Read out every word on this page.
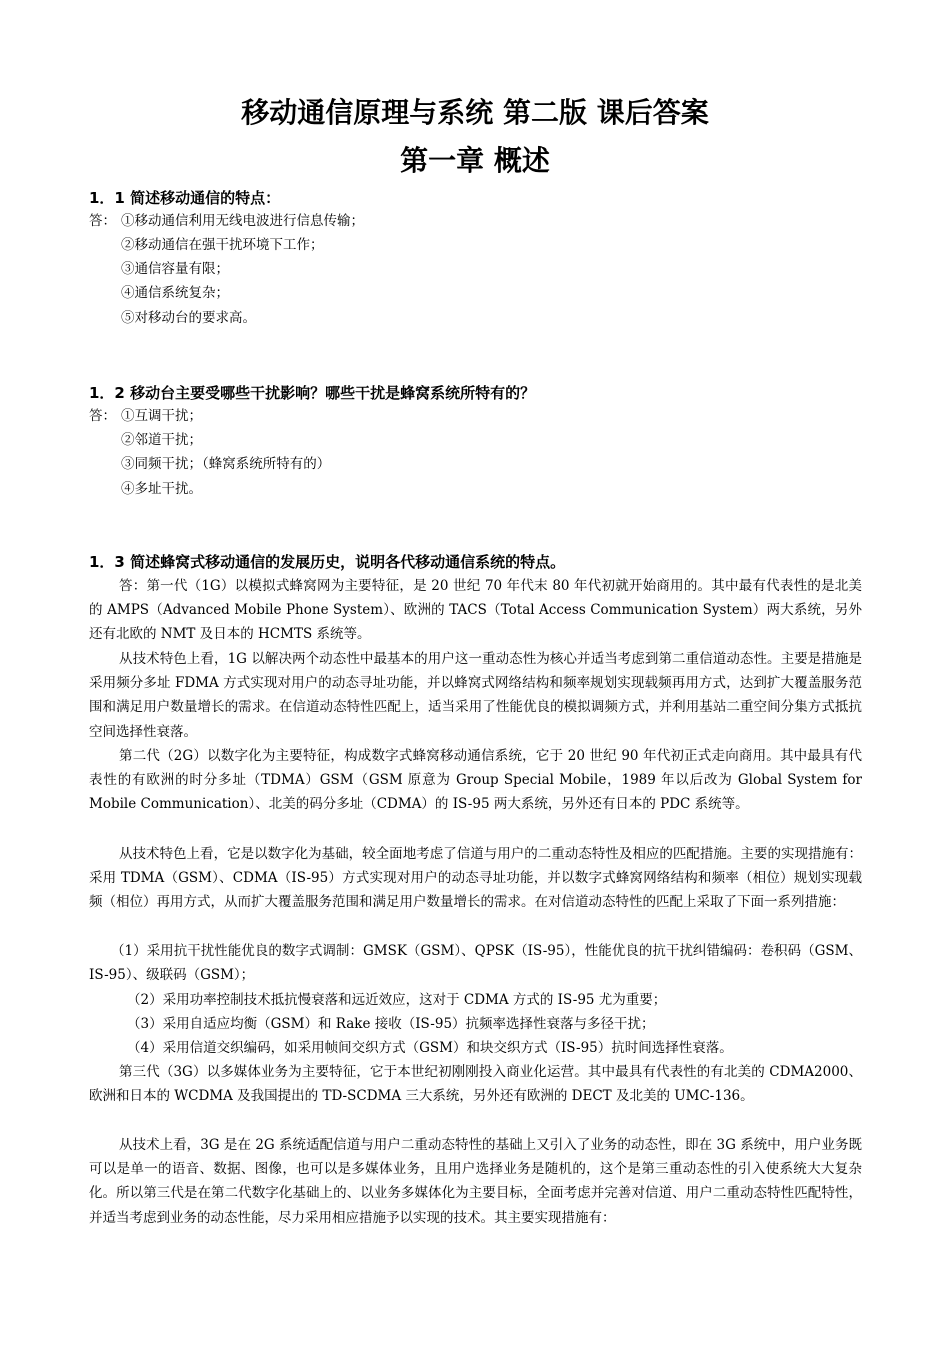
移动通信原理与系统 第二版 课后答案
第一章 概述
1．1 简述移动通信的特点：
答： ①移动通信利用无线电波进行信息传输；
②移动通信在强干扰环境下工作；
③通信容量有限；
④通信系统复杂；
⑤对移动台的要求高。
1．2 移动台主要受哪些干扰影响？哪些干扰是蜂窝系统所特有的？
答： ①互调干扰；
②邻道干扰；
③同频干扰；（蜂窝系统所特有的）
④多址干扰。
1．3 简述蜂窝式移动通信的发展历史，说明各代移动通信系统的特点。

答：第一代（1G）以模拟式蜂窝网为主要特征，是 20 世纪 70 年代末 80 年代初就开始商用的。其中最有代表性的是北美的 AMPS（Advanced Mobile Phone System）、欧洲的 TACS（Total Access Communication System）两大系统，另外还有北欧的 NMT 及日本的 HCMTS 系统等。

从技术特色上看，1G 以解决两个动态性中最基本的用户这一重动态性为核心并适当考虑到第二重信道动态性。主要是措施是采用频分多址 FDMA 方式实现对用户的动态寻址功能，并以蜂窝式网络结构和频率规划实现载频再用方式，达到扩大覆盖服务范围和满足用户数量增长的需求。在信道动态特性匹配上，适当采用了性能优良的模拟调频方式，并利用基站二重空间分集方式抵抗空间选择性衰落。

第二代（2G）以数字化为主要特征，构成数字式蜂窝移动通信系统，它于 20 世纪 90 年代初正式走向商用。其中最具有代表性的有欧洲的时分多址（TDMA）GSM（GSM 原意为 Group Special Mobile，1989 年以后改为 Global System for Mobile Communication）、北美的码分多址（CDMA）的 IS-95 两大系统，另外还有日本的 PDC 系统等。

从技术特色上看，它是以数字化为基础，较全面地考虑了信道与用户的二重动态特性及相应的匹配措施。主要的实现措施有：采用 TDMA（GSM）、CDMA（IS-95）方式实现对用户的动态寻址功能，并以数字式蜂窝网络结构和频率（相位）规划实现载频（相位）再用方式，从而扩大覆盖服务范围和满足用户数量增长的需求。在对信道动态特性的匹配上采取了下面一系列措施：

（1）采用抗干扰性能优良的数字式调制：GMSK（GSM）、QPSK（IS-95），性能优良的抗干扰纠错编码：卷积码（GSM、IS-95）、级联码（GSM）；

（2）采用功率控制技术抵抗慢衰落和远近效应，这对于 CDMA 方式的 IS-95 尤为重要；

（3）采用自适应均衡（GSM）和 Rake 接收（IS-95）抗频率选择性衰落与多径干扰；

（4）采用信道交织编码，如采用帧间交织方式（GSM）和块交织方式（IS-95）抗时间选择性衰落。

第三代（3G）以多媒体业务为主要特征，它于本世纪初刚刚投入商业化运营。其中最具有代表性的有北美的 CDMA2000、欧洲和日本的 WCDMA 及我国提出的 TD-SCDMA 三大系统，另外还有欧洲的 DECT 及北美的 UMC-136。

从技术上看，3G 是在 2G 系统适配信道与用户二重动态特性的基础上又引入了业务的动态性，即在 3G 系统中，用户业务既可以是单一的语音、数据、图像，也可以是多媒体业务，且用户选择业务是随机的，这个是第三重动态性的引入使系统大大复杂化。所以第三代是在第二代数字化基础上的、以业务多媒体化为主要目标，全面考虑并完善对信道、用户二重动态特性匹配特性，并适当考虑到业务的动态性能，尽力采用相应措施予以实现的技术。其主要实现措施有：
